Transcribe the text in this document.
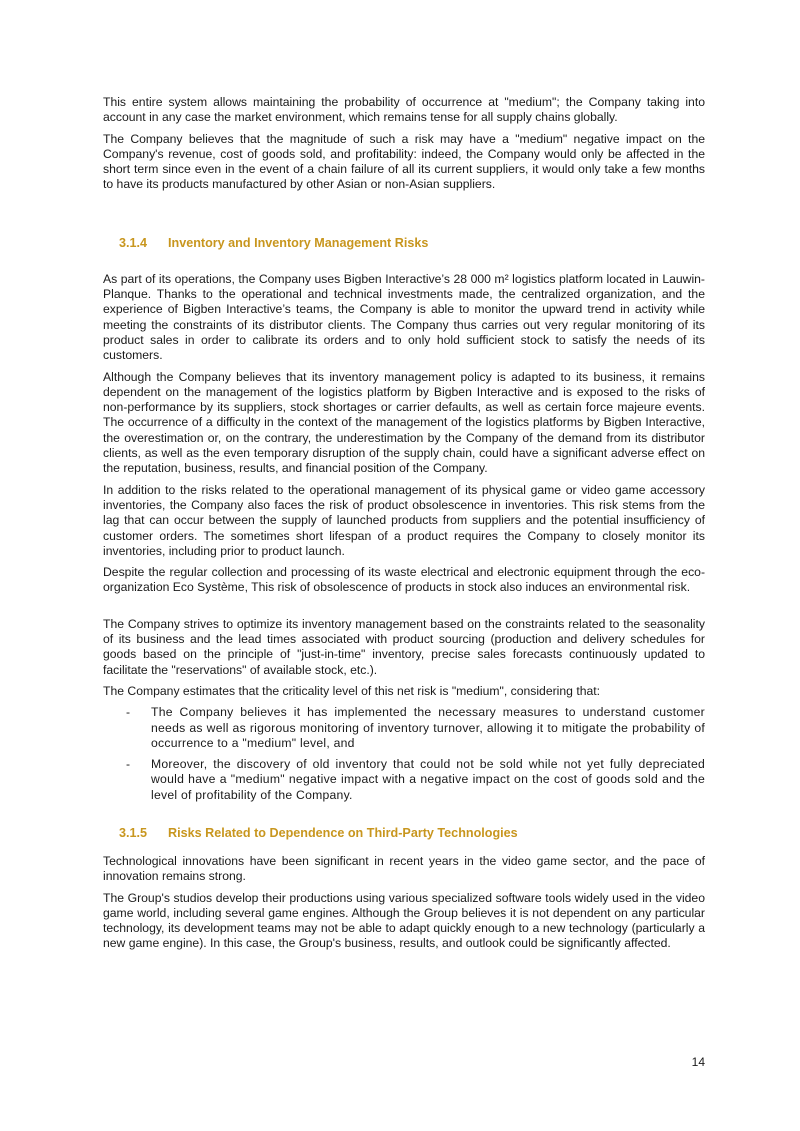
This entire system allows maintaining the probability of occurrence at "medium"; the Company taking into account in any case the market environment, which remains tense for all supply chains globally.

The Company believes that the magnitude of such a risk may have a "medium" negative impact on the Company's revenue, cost of goods sold, and profitability: indeed, the Company would only be affected in the short term since even in the event of a chain failure of all its current suppliers, it would only take a few months to have its products manufactured by other Asian or non-Asian suppliers.

3.1.4 Inventory and Inventory Management Risks

As part of its operations, the Company uses Bigben Interactive’s 28 000 m² logistics platform located in Lauwin-Planque. Thanks to the operational and technical investments made, the centralized organization, and the experience of Bigben Interactive’s teams, the Company is able to monitor the upward trend in activity while meeting the constraints of its distributor clients. The Company thus carries out very regular monitoring of its product sales in order to calibrate its orders and to only hold sufficient stock to satisfy the needs of its customers.

Although the Company believes that its inventory management policy is adapted to its business, it remains dependent on the management of the logistics platform by Bigben Interactive and is exposed to the risks of non-performance by its suppliers, stock shortages or carrier defaults, as well as certain force majeure events. The occurrence of a difficulty in the context of the management of the logistics platforms by Bigben Interactive, the overestimation or, on the contrary, the underestimation by the Company of the demand from its distributor clients, as well as the even temporary disruption of the supply chain, could have a significant adverse effect on the reputation, business, results, and financial position of the Company.

In addition to the risks related to the operational management of its physical game or video game accessory inventories, the Company also faces the risk of product obsolescence in inventories. This risk stems from the lag that can occur between the supply of launched products from suppliers and the potential insufficiency of customer orders. The sometimes short lifespan of a product requires the Company to closely monitor its inventories, including prior to product launch.

Despite the regular collection and processing of its waste electrical and electronic equipment through the eco-organization Eco Système, This risk of obsolescence of products in stock also induces an environmental risk.

The Company strives to optimize its inventory management based on the constraints related to the seasonality of its business and the lead times associated with product sourcing (production and delivery schedules for goods based on the principle of "just-in-time" inventory, precise sales forecasts continuously updated to facilitate the "reservations" of available stock, etc.).

The Company estimates that the criticality level of this net risk is "medium", considering that:

- The Company believes it has implemented the necessary measures to understand customer needs as well as rigorous monitoring of inventory turnover, allowing it to mitigate the probability of occurrence to a "medium" level, and
- Moreover, the discovery of old inventory that could not be sold while not yet fully depreciated would have a "medium" negative impact with a negative impact on the cost of goods sold and the level of profitability of the Company.
3.1.5 Risks Related to Dependence on Third-Party Technologies

Technological innovations have been significant in recent years in the video game sector, and the pace of innovation remains strong.

The Group's studios develop their productions using various specialized software tools widely used in the video game world, including several game engines. Although the Group believes it is not dependent on any particular technology, its development teams may not be able to adapt quickly enough to a new technology (particularly a new game engine). In this case, the Group's business, results, and outlook could be significantly affected.

14
